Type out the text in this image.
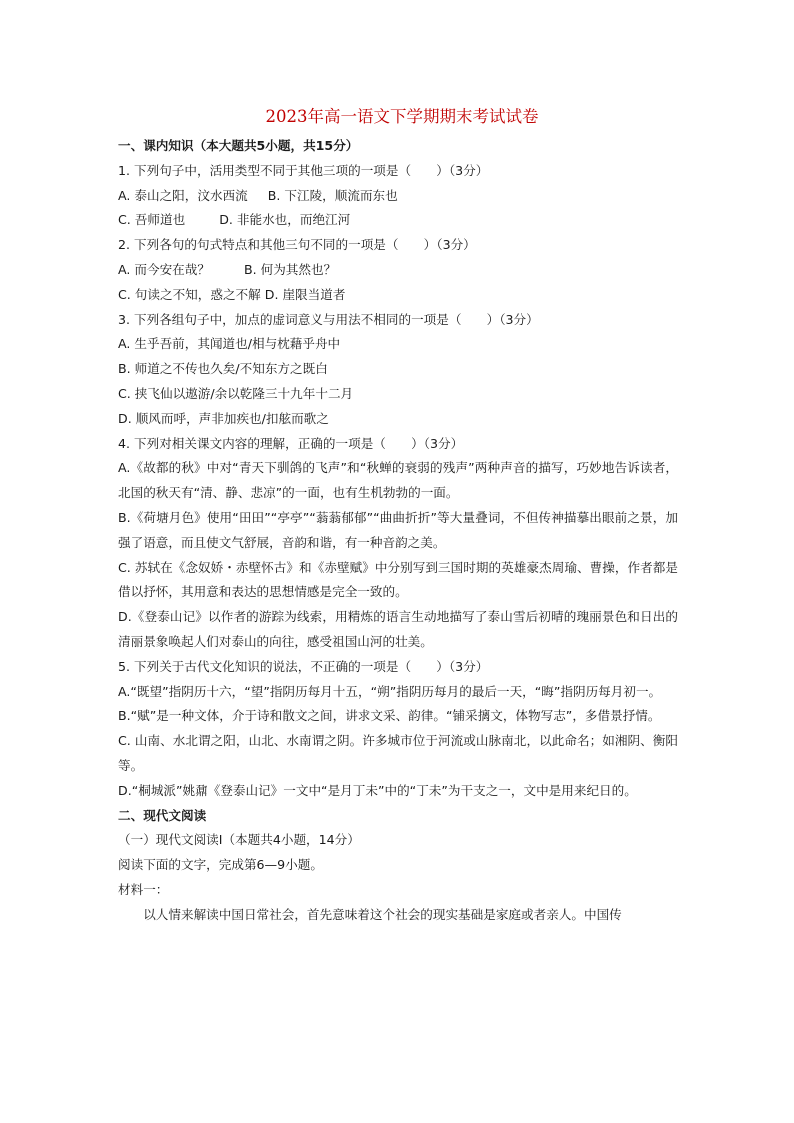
2023年高一语文下学期期末考试试卷
一、课内知识（本大题共5小题，共15分）
1. 下列句子中，活用类型不同于其他三项的一项是（　　）（3分）
A. 泰山之阳，汶水西流 B. 下江陵，顺流而东也
C. 吾师道也	D. 非能水也，而绝江河
2. 下列各句的句式特点和其他三句不同的一项是（　　）（3分）
A. 而今安在哉？	B. 何为其然也？
C. 句读之不知，惑之不解 D. 崖限当道者
3. 下列各组句子中，加点的虚词意义与用法不相同的一项是（　　）（3分）
A. 生乎吾前，其闻道也/相与枕藉乎舟中
B. 师道之不传也久矣/不知东方之既白
C. 挟飞仙以遨游/余以乾隆三十九年十二月
D. 顺风而呼，声非加疾也/扣舷而歌之
4. 下列对相关课文内容的理解，正确的一项是（　　）（3分）
A.《故都的秋》中对“青天下驯鸽的飞声”和“秋蝉的衰弱的残声”两种声音的描写，巧妙地告诉读者，北国的秋天有“清、静、悲凉”的一面，也有生机勃勃的一面。
B.《荷塘月色》使用“田田”“亭亭”“蓊蓊郁郁”“曲曲折折”等大量叠词，不但传神描摹出眼前之景，加强了语意，而且使文气舒展，音韵和谐，有一种音韵之美。
C. 苏轼在《念奴娇・赤壁怀古》和《赤壁赋》中分别写到三国时期的英雄豪杰周瑜、曹操，作者都是借以抒怀，其用意和表达的思想情感是完全一致的。
D.《登泰山记》以作者的游踪为线索，用精炼的语言生动地描写了泰山雪后初晴的瑰丽景色和日出的清丽景象唤起人们对泰山的向往，感受祖国山河的壮美。
5. 下列关于古代文化知识的说法，不正确的一项是（　　）（3分）
A.“既望”指阴历十六，“望”指阴历每月十五，“朔”指阴历每月的最后一天，“晦”指阴历每月初一。
B.“赋”是一种文体，介于诗和散文之间，讲求文采、韵律。“铺采摛文，体物写志”，多借景抒情。
C. 山南、水北谓之阳，山北、水南谓之阴。许多城市位于河流或山脉南北，以此命名；如湘阴、衡阳等。
D.“桐城派”姚鼐《登泰山记》一文中“是月丁未”中的“丁未”为干支之一，文中是用来纪日的。
二、现代文阅读
（一）现代文阅读Ⅰ（本题共4小题，14分）
阅读下面的文字，完成第6—9小题。
材料一：
以人情来解读中国日常社会，首先意味着这个社会的现实基础是家庭或者亲人。中国传
